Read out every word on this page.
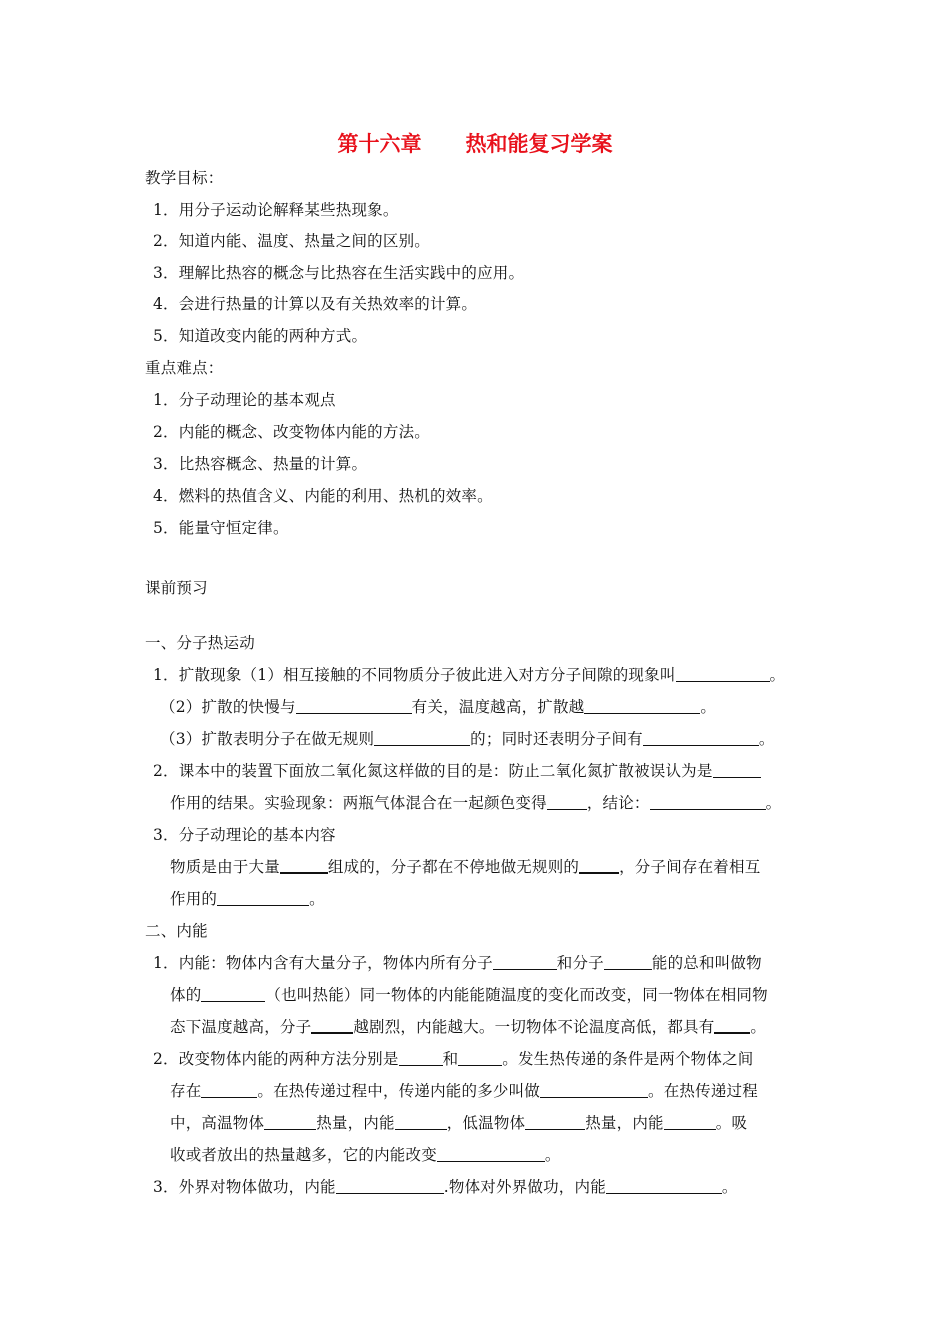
第十六章 热和能复习学案
教学目标：
1．用分子运动论解释某些热现象。
2．知道内能、温度、热量之间的区别。
3．理解比热容的概念与比热容在生活实践中的应用。
4．会进行热量的计算以及有关热效率的计算。
5．知道改变内能的两种方式。
重点难点：
1．分子动理论的基本观点
2．内能的概念、改变物体内能的方法。
3．比热容概念、热量的计算。
4．燃料的热值含义、内能的利用、热机的效率。
5．能量守恒定律。
课前预习
一、分子热运动
1．扩散现象（1）相互接触的不同物质分子彼此进入对方分子间隙的现象叫	。
（2）扩散的快慢与	有关，温度越高，扩散越	。
（3）扩散表明分子在做无规则	的；同时还表明分子间有	。
2．课本中的装置下面放二氧化氮这样做的目的是：防止二氧化氮扩散被误认为是
作用的结果。实验现象：两瓶气体混合在一起颜色变得	，结论：	。
3．分子动理论的基本内容
物质是由于大量	组成的，分子都在不停地做无规则的	，分子间存在着相互
作用的	。
二、内能
1．内能：物体内含有大量分子，物体内所有分子	和分子	能的总和叫做物
体的	（也叫热能）同一物体的内能能随温度的变化而改变，同一物体在相同物
态下温度越高，分子	越剧烈，内能越大。一切物体不论温度高低，都具有 。
2．改变物体内能的两种方法分别是	和	。发生热传递的条件是两个物体之间
存在	。在热传递过程中，传递内能的多少叫做	。在热传递过程
中，高温物体	热量，内能	，低温物体	热量，内能	。吸
收或者放出的热量越多，它的内能改变	。
3．外界对物体做功，内能	.物体对外界做功，内能	。
